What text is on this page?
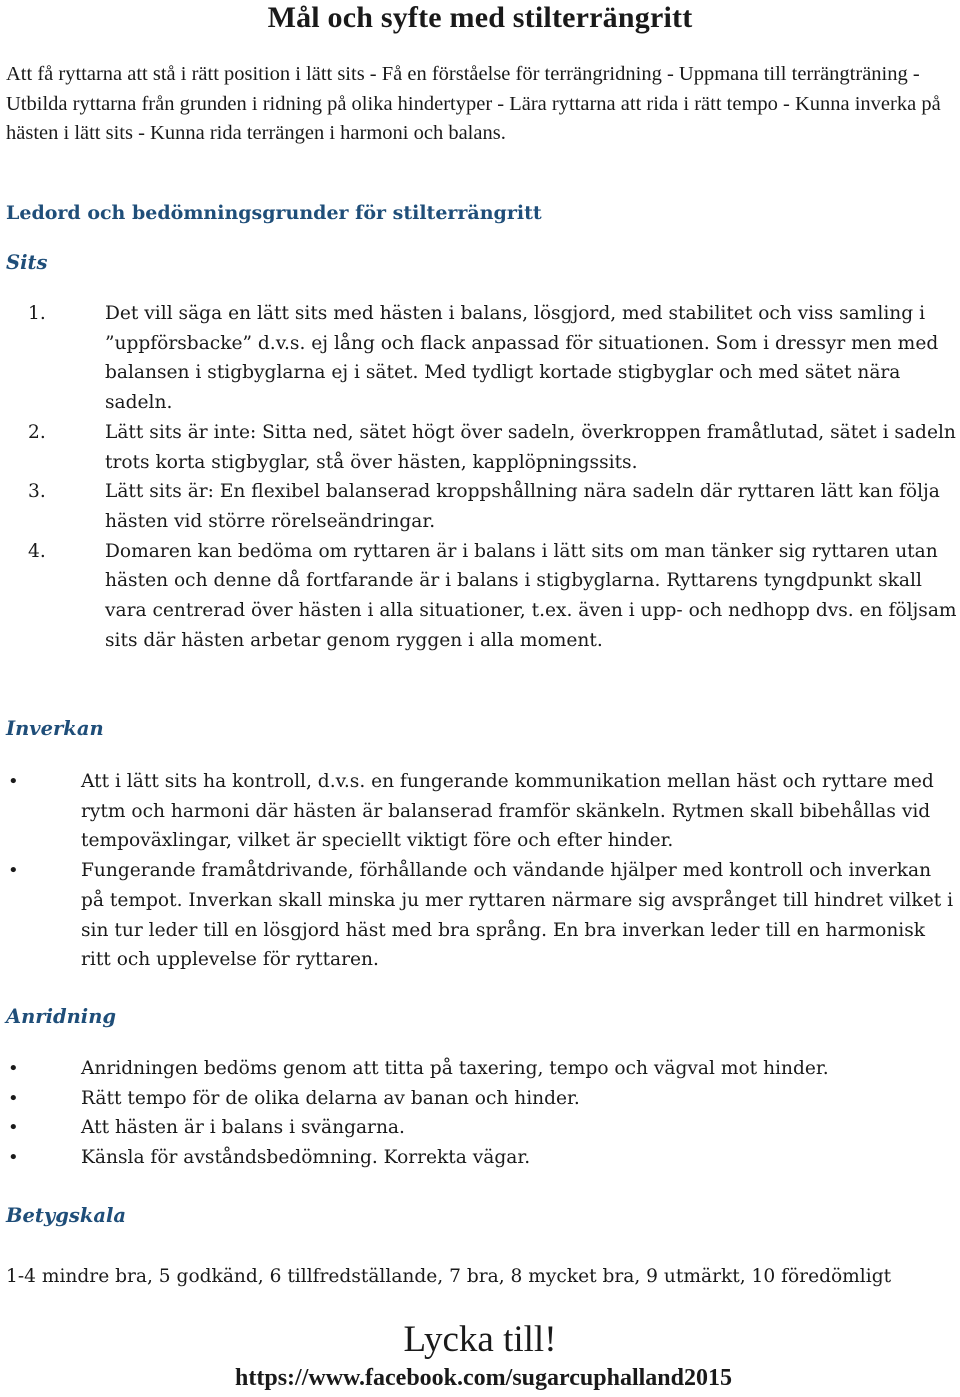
Mål och syfte med stilterrängritt
Att få ryttarna att stå i rätt position i lätt sits - Få en förståelse för terrängridning - Uppmana till terrängträning - Utbilda ryttarna från grunden i ridning på olika hindertyper - Lära ryttarna att rida i rätt tempo - Kunna inverka på hästen i lätt sits - Kunna rida terrängen i harmoni och balans.
Ledord och bedömningsgrunder för stilterrängritt
Sits
1.	Det vill säga en lätt sits med hästen i balans, lösgjord, med stabilitet och viss samling i ”uppförsbacke” d.v.s. ej lång och flack anpassad för situationen. Som i dressyr men med balansen i stigbyglarna ej i sätet. Med tydligt kortade stigbyglar och med sätet nära sadeln.
2.	Lätt sits är inte: Sitta ned, sätet högt över sadeln, överkroppen framåtlutad, sätet i sadeln trots korta stigbyglar, stå över hästen, kapplöpningssits.
3.	Lätt sits är: En flexibel balanserad kroppshållning nära sadeln där ryttaren lätt kan följa hästen vid större rörelseändringar.
4.	Domaren kan bedöma om ryttaren är i balans i lätt sits om man tänker sig ryttaren utan hästen och denne då fortfarande är i balans i stigbyglarna. Ryttarens tyngdpunkt skall vara centrerad över hästen i alla situationer, t.ex. även i upp- och nedhopp dvs. en följsam sits där hästen arbetar genom ryggen i alla moment.
Inverkan
•	Att i lätt sits ha kontroll, d.v.s. en fungerande kommunikation mellan häst och ryttare med rytm och harmoni där hästen är balanserad framför skänkeln. Rytmen skall bibehållas vid tempoväxlingar, vilket är speciellt viktigt före och efter hinder.
•	Fungerande framåtdrivande, förhållande och vändande hjälper med kontroll och inverkan på tempot. Inverkan skall minska ju mer ryttaren närmare sig avsprånget till hindret vilket i sin tur leder till en lösgjord häst med bra språng. En bra inverkan leder till en harmonisk ritt och upplevelse för ryttaren.
Anridning
•	Anridningen bedöms genom att titta på taxering, tempo och vägval mot hinder.
•	Rätt tempo för de olika delarna av banan och hinder.
•	Att hästen är i balans i svängarna.
•	Känsla för avståndsbedömning. Korrekta vägar.
Betygskala
1-4 mindre bra, 5 godkänd, 6 tillfredställande, 7 bra, 8 mycket bra, 9 utmärkt, 10 föredömligt
Lycka till!
https://www.facebook.com/sugarcuphalland2015
